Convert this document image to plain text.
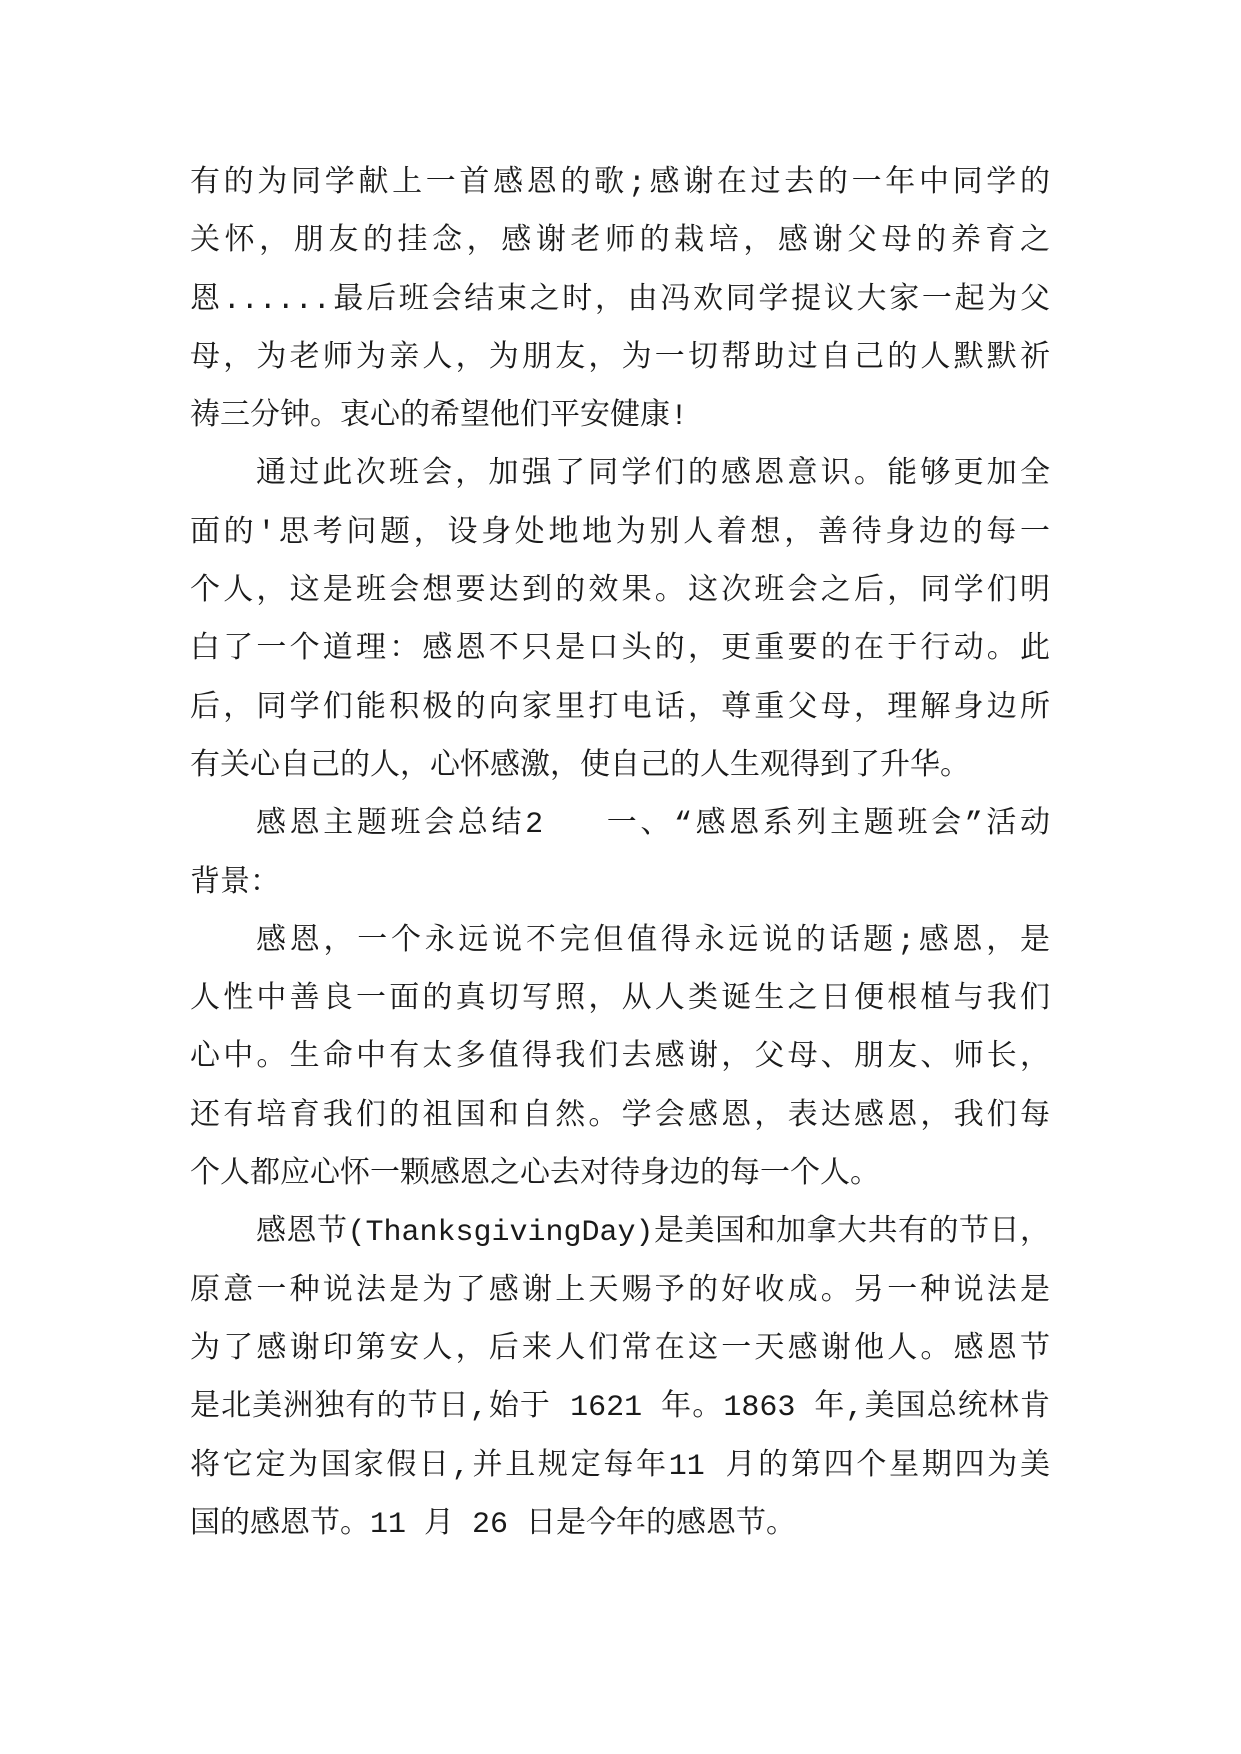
有的为同学献上一首感恩的歌;感谢在过去的一年中同学的
关怀，朋友的挂念，感谢老师的栽培，感谢父母的养育之
恩......最后班会结束之时，由冯欢同学提议大家一起为父
母，为老师为亲人，为朋友，为一切帮助过自己的人默默祈
祷三分钟。衷心的希望他们平安健康!
通过此次班会，加强了同学们的感恩意识。能够更加全
面的'思考问题，设身处地地为别人着想，善待身边的每一
个人，这是班会想要达到的效果。这次班会之后，同学们明
白了一个道理：感恩不只是口头的，更重要的在于行动。此
后，同学们能积极的向家里打电话，尊重父母，理解身边所
有关心自己的人，心怀感激，使自己的人生观得到了升华。
感恩主题班会总结2 一、“感恩系列主题班会”活动
背景：
感恩，一个永远说不完但值得永远说的话题;感恩，是
人性中善良一面的真切写照，从人类诞生之日便根植与我们
心中。生命中有太多值得我们去感谢，父母、朋友、师长，
还有培育我们的祖国和自然。学会感恩，表达感恩，我们每
个人都应心怀一颗感恩之心去对待身边的每一个人。
感恩节(ThanksgivingDay)是美国和加拿大共有的节日，
原意一种说法是为了感谢上天赐予的好收成。另一种说法是
为了感谢印第安人，后来人们常在这一天感谢他人。感恩节
是北美洲独有的节日,始于 1621 年。1863 年,美国总统林肯
将它定为国家假日,并且规定每年11 月的第四个星期四为美
国的感恩节。11 月 26 日是今年的感恩节。
